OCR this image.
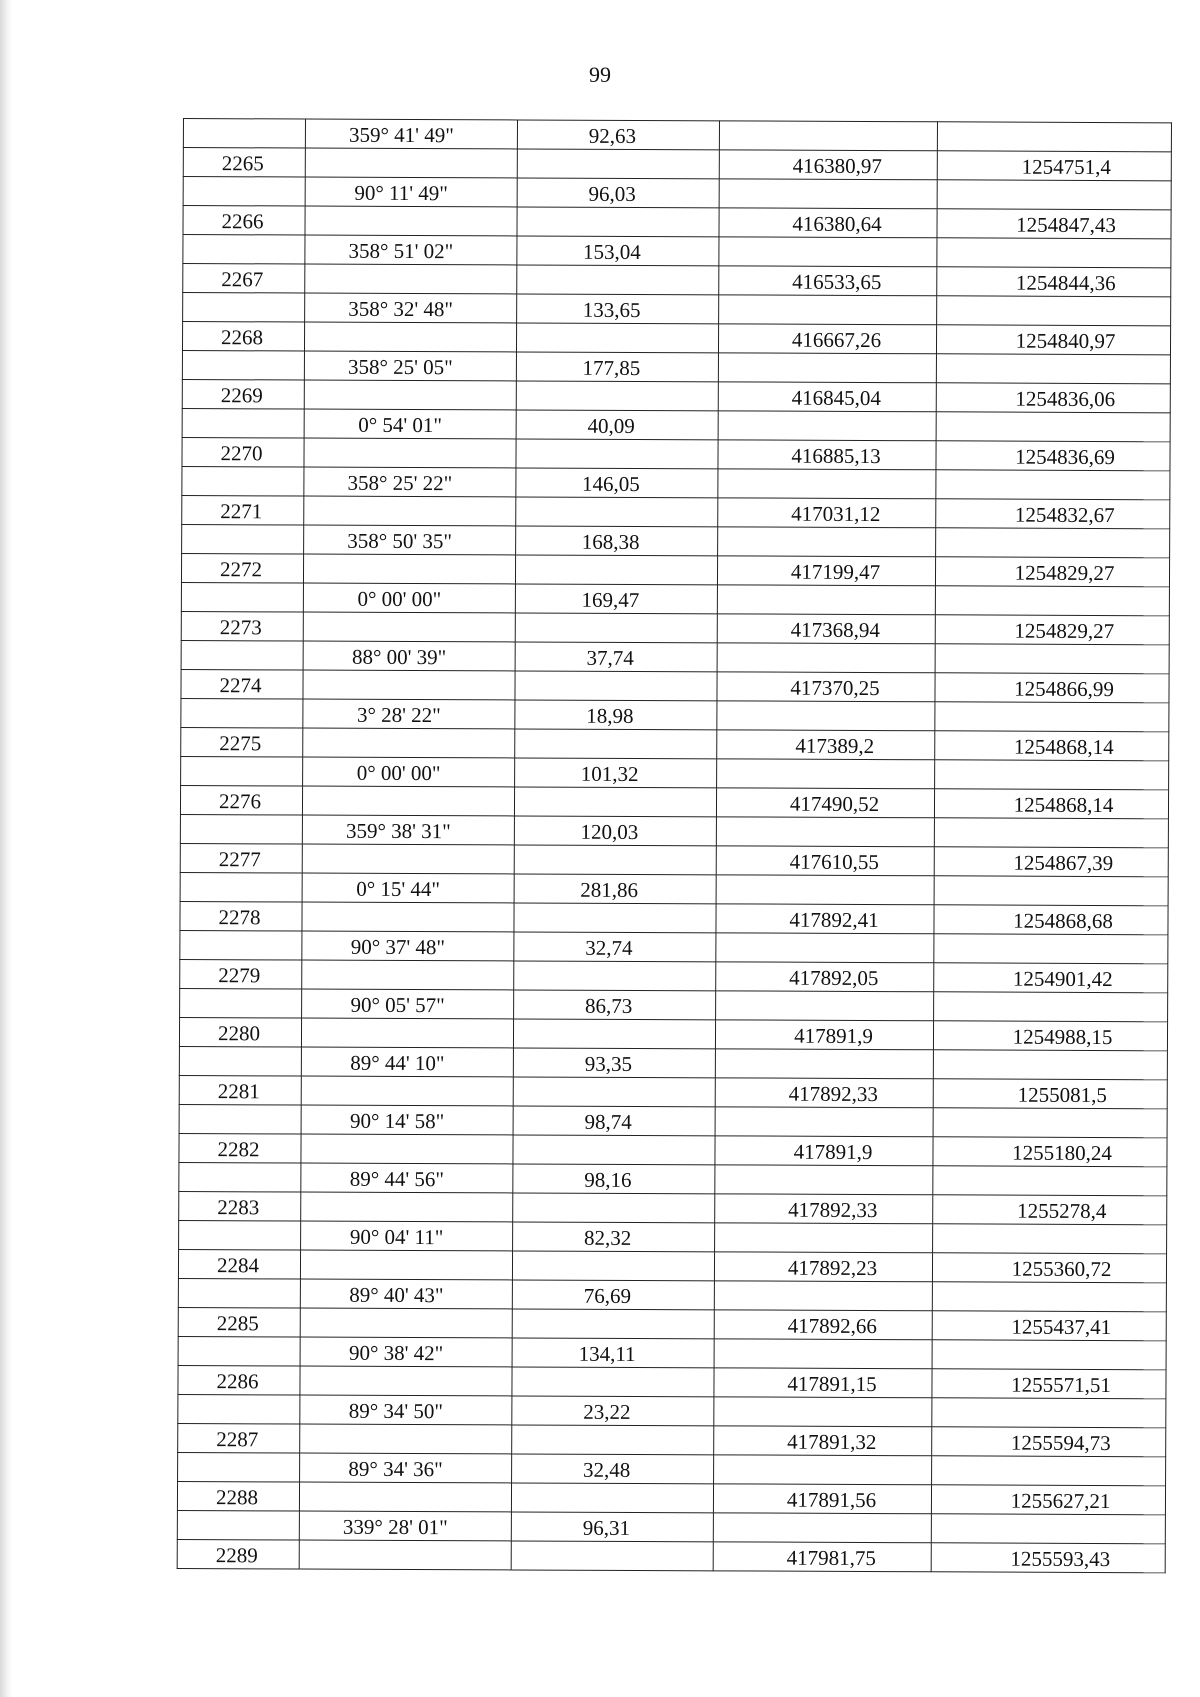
99
	359° 41' 49"	92,63		
2265			416380,97	1254751,4
	90° 11' 49"	96,03		
2266			416380,64	1254847,43
	358° 51' 02"	153,04		
2267			416533,65	1254844,36
	358° 32' 48"	133,65		
2268			416667,26	1254840,97
	358° 25' 05"	177,85		
2269			416845,04	1254836,06
	0° 54' 01"	40,09		
2270			416885,13	1254836,69
	358° 25' 22"	146,05		
2271			417031,12	1254832,67
	358° 50' 35"	168,38		
2272			417199,47	1254829,27
	0° 00' 00"	169,47		
2273			417368,94	1254829,27
	88° 00' 39"	37,74		
2274			417370,25	1254866,99
	3° 28' 22"	18,98		
2275			417389,2	1254868,14
	0° 00' 00"	101,32		
2276			417490,52	1254868,14
	359° 38' 31"	120,03		
2277			417610,55	1254867,39
	0° 15' 44"	281,86		
2278			417892,41	1254868,68
	90° 37' 48"	32,74		
2279			417892,05	1254901,42
	90° 05' 57"	86,73		
2280			417891,9	1254988,15
	89° 44' 10"	93,35		
2281			417892,33	1255081,5
	90° 14' 58"	98,74		
2282			417891,9	1255180,24
	89° 44' 56"	98,16		
2283			417892,33	1255278,4
	90° 04' 11"	82,32		
2284			417892,23	1255360,72
	89° 40' 43"	76,69		
2285			417892,66	1255437,41
	90° 38' 42"	134,11		
2286			417891,15	1255571,51
	89° 34' 50"	23,22		
2287			417891,32	1255594,73
	89° 34' 36"	32,48		
2288			417891,56	1255627,21
	339° 28' 01"	96,31		
2289			417981,75	1255593,43
